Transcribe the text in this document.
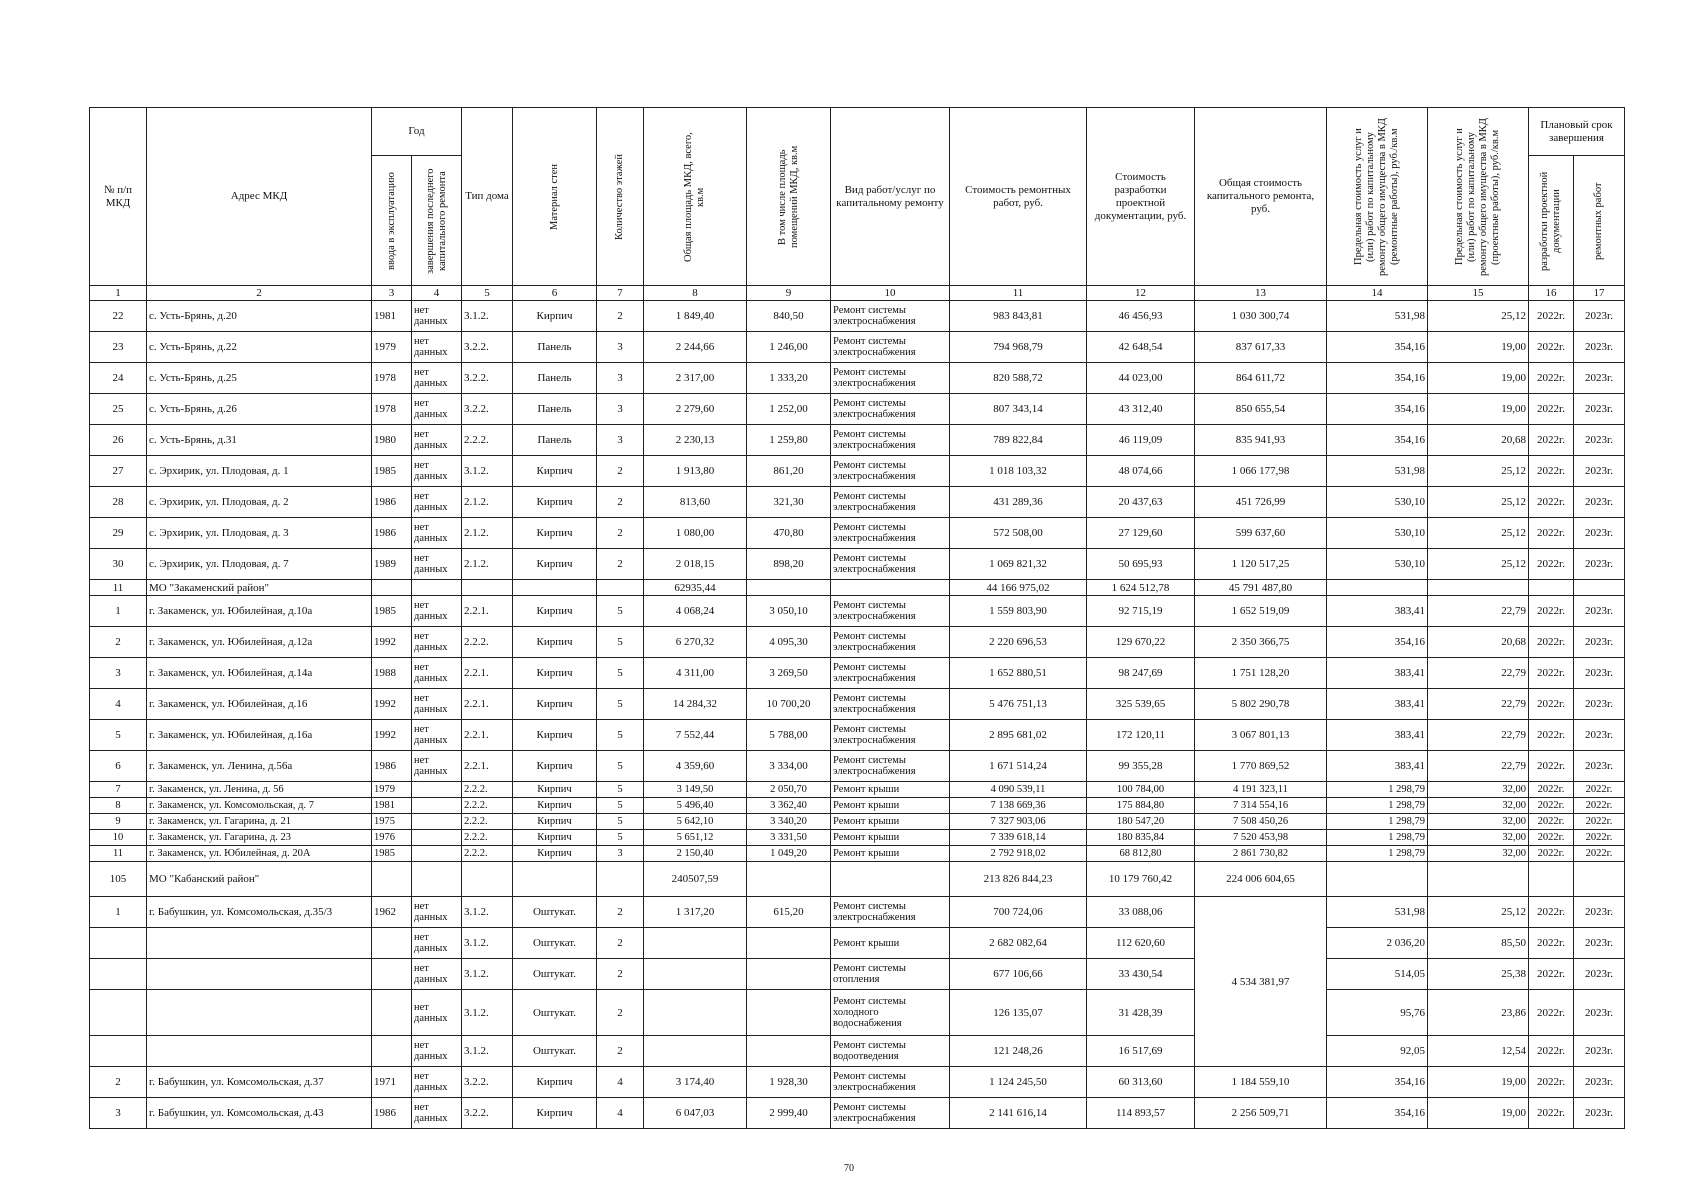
№ п/п МКД	Адрес МКД	Год		Тип дома	Материал стен	Количество этажей	Общая площадь МКД, всего, кв.м	В том числе площадь помещений МКД, кв.м	Вид работ/услуг по капитальному ремонту	Стоимость ремонтных работ, руб.	Стоимость разработки проектной документации, руб.	Общая стоимость капитального ремонта, руб.	Предельная стоимость услуг и (или) работ по капитальному ремонту общего имущества в МКД (ремонтные работы), руб./кв.м	Предельная стоимость услуг и (или) работ по капитальному ремонту общего имущества в МКД (проектные работы), руб./кв.м	Плановый срок завершения	

		ввода в эксплуатацию	завершения последнего капитального ремонта												разработки проектной документации	ремонтных работ

1	2	3	4	5	6	7	8	9	10	11	12	13	14	15	16	17
22	с. Усть-Брянь, д.20	1981	нет данных	3.1.2.	Кирпич	2	1 849,40	840,50	Ремонт системы электроснабжения	983 843,81	46 456,93	1 030 300,74	531,98	25,12	2022г.	2023г.
23	с. Усть-Брянь, д.22	1979	нет данных	3.2.2.	Панель	3	2 244,66	1 246,00	Ремонт системы электроснабжения	794 968,79	42 648,54	837 617,33	354,16	19,00	2022г.	2023г.
24	с. Усть-Брянь, д.25	1978	нет данных	3.2.2.	Панель	3	2 317,00	1 333,20	Ремонт системы электроснабжения	820 588,72	44 023,00	864 611,72	354,16	19,00	2022г.	2023г.
25	с. Усть-Брянь, д.26	1978	нет данных	3.2.2.	Панель	3	2 279,60	1 252,00	Ремонт системы электроснабжения	807 343,14	43 312,40	850 655,54	354,16	19,00	2022г.	2023г.
26	с. Усть-Брянь, д.31	1980	нет данных	2.2.2.	Панель	3	2 230,13	1 259,80	Ремонт системы электроснабжения	789 822,84	46 119,09	835 941,93	354,16	20,68	2022г.	2023г.
27	с. Эрхирик, ул. Плодовая, д. 1	1985	нет данных	3.1.2.	Кирпич	2	1 913,80	861,20	Ремонт системы электроснабжения	1 018 103,32	48 074,66	1 066 177,98	531,98	25,12	2022г.	2023г.
28	с. Эрхирик, ул. Плодовая, д. 2	1986	нет данных	2.1.2.	Кирпич	2	813,60	321,30	Ремонт системы электроснабжения	431 289,36	20 437,63	451 726,99	530,10	25,12	2022г.	2023г.
29	с. Эрхирик, ул. Плодовая, д. 3	1986	нет данных	2.1.2.	Кирпич	2	1 080,00	470,80	Ремонт системы электроснабжения	572 508,00	27 129,60	599 637,60	530,10	25,12	2022г.	2023г.
30	с. Эрхирик, ул. Плодовая, д. 7	1989	нет данных	2.1.2.	Кирпич	2	2 018,15	898,20	Ремонт системы электроснабжения	1 069 821,32	50 695,93	1 120 517,25	530,10	25,12	2022г.	2023г.
11	МО "Закаменский район"						62935,44			44 166 975,02	1 624 512,78	45 791 487,80				
1	г. Закаменск, ул. Юбилейная, д.10а	1985	нет данных	2.2.1.	Кирпич	5	4 068,24	3 050,10	Ремонт системы электроснабжения	1 559 803,90	92 715,19	1 652 519,09	383,41	22,79	2022г.	2023г.
2	г. Закаменск, ул. Юбилейная, д.12а	1992	нет данных	2.2.2.	Кирпич	5	6 270,32	4 095,30	Ремонт системы электроснабжения	2 220 696,53	129 670,22	2 350 366,75	354,16	20,68	2022г.	2023г.
3	г. Закаменск, ул. Юбилейная, д.14а	1988	нет данных	2.2.1.	Кирпич	5	4 311,00	3 269,50	Ремонт системы электроснабжения	1 652 880,51	98 247,69	1 751 128,20	383,41	22,79	2022г.	2023г.
4	г. Закаменск, ул. Юбилейная, д.16	1992	нет данных	2.2.1.	Кирпич	5	14 284,32	10 700,20	Ремонт системы электроснабжения	5 476 751,13	325 539,65	5 802 290,78	383,41	22,79	2022г.	2023г.
5	г. Закаменск, ул. Юбилейная, д.16а	1992	нет данных	2.2.1.	Кирпич	5	7 552,44	5 788,00	Ремонт системы электроснабжения	2 895 681,02	172 120,11	3 067 801,13	383,41	22,79	2022г.	2023г.
6	г. Закаменск, ул. Ленина, д.56а	1986	нет данных	2.2.1.	Кирпич	5	4 359,60	3 334,00	Ремонт системы электроснабжения	1 671 514,24	99 355,28	1 770 869,52	383,41	22,79	2022г.	2023г.
7	г. Закаменск, ул. Ленина, д. 56	1979		2.2.2.	Кирпич	5	3 149,50	2 050,70	Ремонт крыши	4 090 539,11	100 784,00	4 191 323,11	1 298,79	32,00	2022г.	2022г.
8	г. Закаменск, ул. Комсомольская, д. 7	1981		2.2.2.	Кирпич	5	5 496,40	3 362,40	Ремонт крыши	7 138 669,36	175 884,80	7 314 554,16	1 298,79	32,00	2022г.	2022г.
9	г. Закаменск, ул. Гагарина, д. 21	1975		2.2.2.	Кирпич	5	5 642,10	3 340,20	Ремонт крыши	7 327 903,06	180 547,20	7 508 450,26	1 298,79	32,00	2022г.	2022г.
10	г. Закаменск, ул. Гагарина, д. 23	1976		2.2.2.	Кирпич	5	5 651,12	3 331,50	Ремонт крыши	7 339 618,14	180 835,84	7 520 453,98	1 298,79	32,00	2022г.	2022г.
11	г. Закаменск, ул. Юбилейная, д. 20А	1985		2.2.2.	Кирпич	3	2 150,40	1 049,20	Ремонт крыши	2 792 918,02	68 812,80	2 861 730,82	1 298,79	32,00	2022г.	2022г.
105	МО "Кабанский район"						240507,59			213 826 844,23	10 179 760,42	224 006 604,65				
1	г. Бабушкин, ул. Комсомольская, д.35/3	1962	нет данных	3.1.2.	Оштукат.	2	1 317,20	615,20	Ремонт системы электроснабжения	700 724,06	33 088,06	4 534 381,97	531,98	25,12	2022г.	2023г.
			нет данных	3.1.2.	Оштукат.	2			Ремонт крыши	2 682 082,64	112 620,60		2 036,20	85,50	2022г.	2023г.
			нет данных	3.1.2.	Оштукат.	2			Ремонт системы отопления	677 106,66	33 430,54		514,05	25,38	2022г.	2023г.
			нет данных	3.1.2.	Оштукат.	2			Ремонт системы холодного водоснабжения	126 135,07	31 428,39		95,76	23,86	2022г.	2023г.
			нет данных	3.1.2.	Оштукат.	2			Ремонт системы водоотведения	121 248,26	16 517,69		92,05	12,54	2022г.	2023г.
2	г. Бабушкин, ул. Комсомольская, д.37	1971	нет данных	3.2.2.	Кирпич	4	3 174,40	1 928,30	Ремонт системы электроснабжения	1 124 245,50	60 313,60	1 184 559,10	354,16	19,00	2022г.	2023г.
3	г. Бабушкин, ул. Комсомольская, д.43	1986	нет данных	3.2.2.	Кирпич	4	6 047,03	2 999,40	Ремонт системы электроснабжения	2 141 616,14	114 893,57	2 256 509,71	354,16	19,00	2022г.	2023г.
70
